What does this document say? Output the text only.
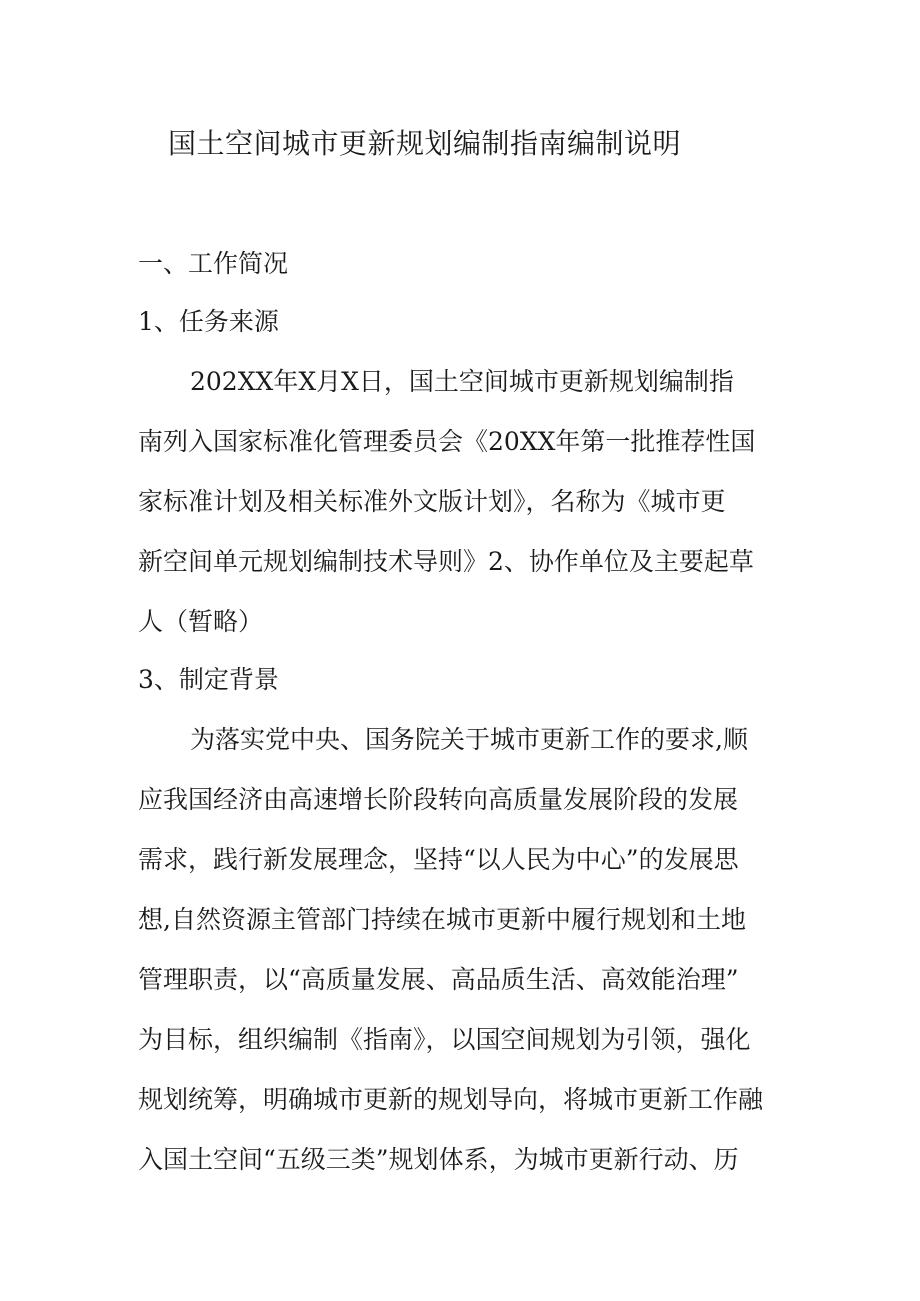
国土空间城市更新规划编制指南编制说明
一、工作简况
1、任务来源
202XX年X月X日，国土空间城市更新规划编制指
南列入国家标准化管理委员会《20XX年第一批推荐性国
家标准计划及相关标准外文版计划》，名称为《城市更
新空间单元规划编制技术导则》2、协作单位及主要起草
人（暂略）
3、制定背景
为落实党中央、国务院关于城市更新工作的要求,顺
应我国经济由高速增长阶段转向高质量发展阶段的发展
需求，践行新发展理念，坚持“以人民为中心”的发展思
想,自然资源主管部门持续在城市更新中履行规划和土地
管理职责，以“高质量发展、高品质生活、高效能治理”
为目标，组织编制《指南》，以国空间规划为引领，强化
规划统筹，明确城市更新的规划导向，将城市更新工作融
入国土空间“五级三类”规划体系，为城市更新行动、历
